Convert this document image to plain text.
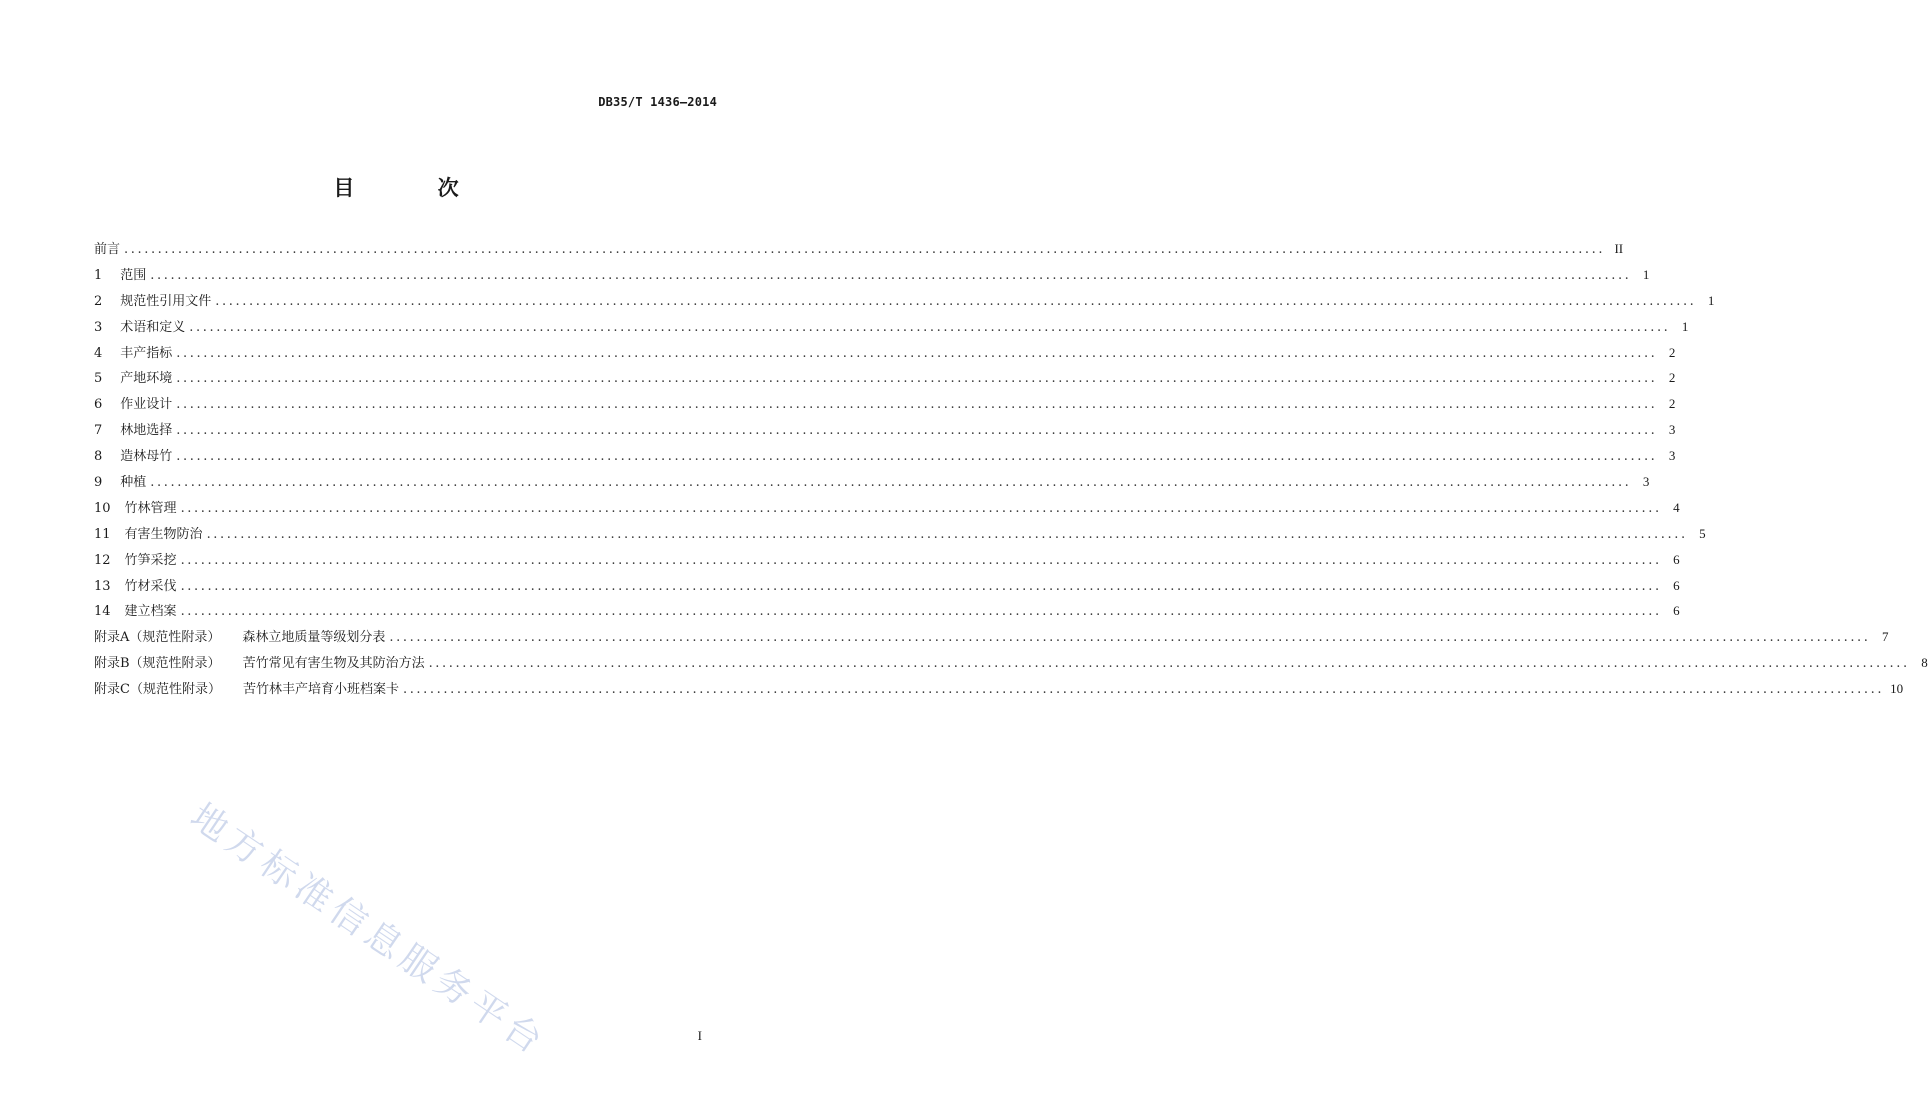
DB35/T 1436—2014
目 次
前言 ............................................................................................................................................................................................................................ II
1 范围 ............................................................................................................................................................................................................................ 1
2 规范性引用文件 ............................................................................................................................................................................................................................ 1
3 术语和定义 ............................................................................................................................................................................................................................ 1
4 丰产指标 ............................................................................................................................................................................................................................ 2
5 产地环境 ............................................................................................................................................................................................................................ 2
6 作业设计 ............................................................................................................................................................................................................................ 2
7 林地选择 ............................................................................................................................................................................................................................ 3
8 造林母竹 ............................................................................................................................................................................................................................ 3
9 种植 ............................................................................................................................................................................................................................ 3
10 竹林管理 ............................................................................................................................................................................................................................ 4
11 有害生物防治 ............................................................................................................................................................................................................................ 5
12 竹笋采挖 ............................................................................................................................................................................................................................ 6
13 竹材采伐 ............................................................................................................................................................................................................................ 6
14 建立档案 ............................................................................................................................................................................................................................ 6
附录A（规范性附录） 森林立地质量等级划分表 ............................................................................................................................................................................................................................ 7
附录B（规范性附录） 苦竹常见有害生物及其防治方法 ............................................................................................................................................................................................................................ 8
附录C（规范性附录） 苦竹林丰产培育小班档案卡 ............................................................................................................................................................................................................................ 10
地方标准信息服务平台	I
